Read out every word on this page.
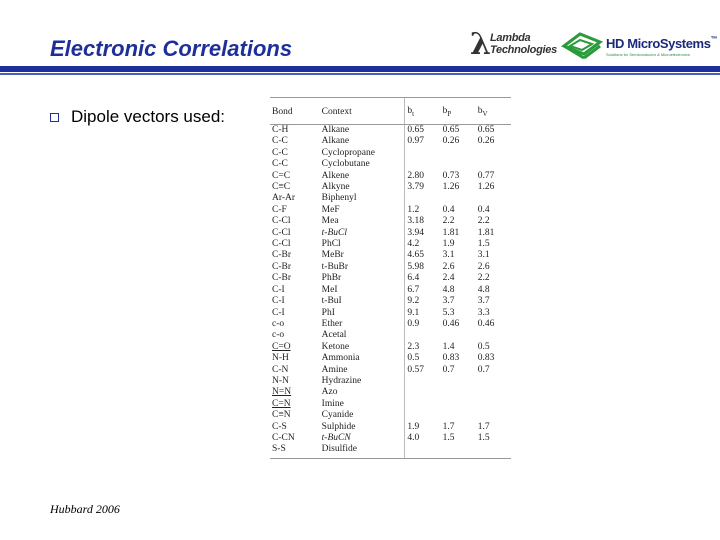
Electronic Correlations	λ
Lambda
Technologies	HD MicroSystems™
Solutions for Semiconductor & Microelectronics
Dipole vectors used:	Bond	Context	$b_t$	$b_P$	$b_V$
C-H	Alkane	0.65	0.65	0.65
C-C	Alkane	0.97	0.26	0.26
C-C	Cyclopropane			
C-C	Cyclobutane			
C=C	Alkene	2.80	0.73	0.77
C≡C	Alkyne	3.79	1.26	1.26
Ar-Ar	Biphenyl			
C-F	MeF	1.2	0.4	0.4
C-Cl	Mea	3.18	2.2	2.2
C-Cl	t-BuCl	3.94	1.81	1.81
C-Cl	PhCl	4.2	1.9	1.5
C-Br	MeBr	4.65	3.1	3.1
C-Br	t-BuBr	5.98	2.6	2.6
C-Br	PhBr	6.4	2.4	2.2
C-I	MeI	6.7	4.8	4.8
C-I	t-BuI	9.2	3.7	3.7
C-I	PhI	9.1	5.3	3.3
c-o	Ether	0.9	0.46	0.46
c-o	Acetal			
C=O	Ketone	2.3	1.4	0.5
N-H	Ammonia	0.5	0.83	0.83
C-N	Amine	0.57	0.7	0.7
N-N	Hydrazine			
N=N	Azo			
C=N	Imine			
C≡N	Cyanide			
C-S	Sulphide	1.9	1.7	1.7
C-CN	t-BuCN	4.0	1.5	1.5
S-S	Disulfide			
Hubbard 2006
